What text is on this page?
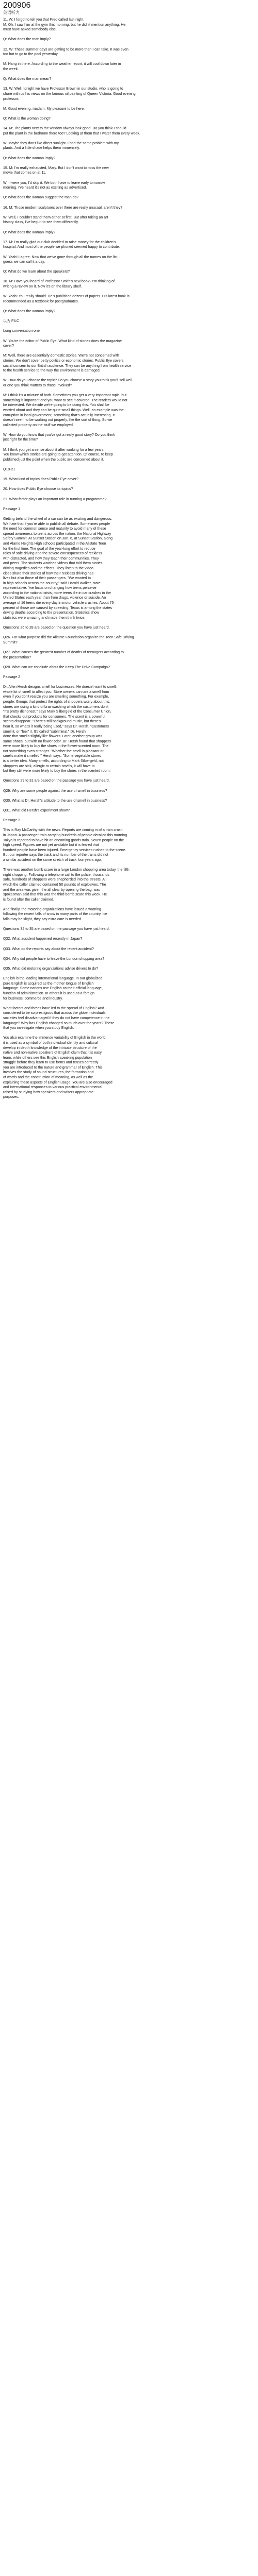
200906
英语听力
11. W: I forgot to tell you that Fred called last night.
M: Oh, I saw him at the gym this morning, but he didn't mention anything. He
must have asked somebody else.
Q: What does the man imply?
12. W: These summer days are getting to be more than I can take. It was even
too hot to go to the pool yesterday.
M: Hang in there. According to the weather report, it will cool down later in
the week.
Q: What does the man mean?
13. W: Well, tonight we have Professor Brown in our studio, who is going to
share with us his views on the famous oil painting of Queen Victoria. Good evening,
professor.
M: Good evening, madam. My pleasure to be here.
Q: What is the woman doing?
14. M: The plants next to the window always look good. Do you think I should
put the plant in the bedroom there too? Looking at them that I water them every week.
W: Maybe they don't like direct sunlight. I had the same problem with my
plants. And a little shade helps them immensely.
Q: What does the woman imply?
15. M: I'm really exhausted, Mary. But I don't want to miss the new
movie that comes on at 11.
W: If were you, I'd skip it. We both have to leave early tomorrow
morning. I've heard it's not as exciting as advertised.
Q: What does the woman suggest the man do?
16. M: Those modern sculptures over there are really unusual, aren't they?
W: Well, I couldn't stand them either at first. But after taking an art
history class, I've begun to see them differently.
Q: What does the woman imply?
17. M: I'm really glad our club decided to raise money for the children's
hospital. And most of the people we phoned seemed happy to contribute.
W: Yeah! I agree. Now that we've gone through all the names on the list, I
guess we can call it a day.
Q: What do we learn about the speakers?
18. M: Have you heard of Professor Smith's new book? I'm thinking of
writing a review on it. Now it's on the library shelf.
W: Yeah! You really should. He's published dozens of papers. His latest book is
recommended as a textbook for postgraduates.
Q: What does the woman imply?
以为 FILC
Long conversation one
W: You're the editor of Public Eye. What kind of stories does the magazine
cover?
M: Well, there are essentially domestic stories. We're not concerned with
stories. We don't cover petty politics or economic stories. Public Eye covers
social concern to our British audience. They can be anything from health service
to the health service to the way the environment is damaged.
W: How do you choose the topic? Do you choose a story you think you'll sell well
or one you think matters to those involved?
M: I think it's a mixture of both. Sometimes you get a very important topic, but
something is important and you want to see it covered. The readers would not
be interested. We decide we're going to be doing this. You shall be
worried about and they can be quite small things. Well, an example was the
corruption in local government, something that's actually interesting. It
doesn't seem to be working out properly, like the sort of thing. So we
collected property on the stuff we employed.
W: How do you know that you've got a really good story? Do you think
just right for the time?
M: I think you get a sense about it after working for a few years.
You know which stories are going to get attention. Of course, to keep
published just the point when the public are concerned about it.
Q19-21
19. What kind of topics does Public Eye cover?
20. How does Public Eye choose its topics?
21. What factor plays an important role in running a programme?
Passage 1
Getting behind the wheel of a car can be as exciting and dangerous.
We hate that if you're able to publish all debate. Sometimes people
the need for common sense and maturity to avoid many of these
spread awareness to teens across the nation, the National Highway
Safety Summit. At Sunset Station on Jan. 6, at Sunset Station, along
and Alamo Heights High schools participated in the Allstate Teen
for the first time. The goal of the year-long effort to reduce
roles of safe driving and the severe consequences of reckless
with distracted, and how they teach their communities. They
and peers. The students watched videos that told them stories
driving tragedies and the effects. They listen to the video
cities share their stories of how their reckless driving has
lives but also those of their passengers. "We wanted to
in high schools across the country," said Harold Walker, state
representative. "we focus on changing how teens perceive
according to the national crisis, more teens die in car crashes in the
United States each year than from drugs, violence or suicide. An
average of 16 teens die every day in motor vehicle crashes. About 75
percent of those are caused by speeding. Texas is among the states
driving deaths according to the presentation. Statistics show
statistics were amazing and made them think twice.
Questions 26 to 28 are based on the question you have just heard.
Q26. For what purpose did the Allstate Foundation organize the Teen Safe Driving
Summit?
Q27. What causes the greatest number of deaths of teenagers according to
the presentation?
Q28. What can we conclude about the Keep The Drive Campaign?
Passage 2
Dr. Allen Hersh designs smell for businesses. He doesn't want to smell.
whole lot of smell to affect you. Store owners can use a smell from
even if you don't realize you are smelling something. For example,
people. Groups that protect the rights of shoppers worry about this.
stores are using a kind of brainwashing which the customers don't
"It's pretty dishonest," says Mark Silbergeld of the Consumer Union,
that checks out products for consumers. The scent is a powerful
scents disappear. "There's still background music, but there's
hear it, so what's it really being used," says Dr. Hersh. "Customers
smell it, or "feel" it. It's called "subliminal." Dr. Hersh
done that smells slightly like flowers. Later, another group was
same shoes, but with no flower odor. Dr. Hersh found that shoppers
were more likely to buy the shoes in the flower-scented room. The
not something even stranger. "Whether the smell is pleasant or
smells make it smelled," Hersh says. "Some vegetable stores
is a better idea. Many smells, according to Mark Silbergeld, not
shoppers are sick, allergic to certain smells, it will have to
but they still were more likely to buy the shoes in the scented room.
Questions 29 to 31 are based on the passage you have just heard.
Q29. Why are some people against the use of smell in business?
Q30. What is Dr. Hersh's attitude to the use of smell in business?
Q31. What did Hersh's experiment show?
Passage 3
This is Ray McCarthy with the news. Reports are coming in of a train crash
in Japan. A passenger train carrying hundreds of people derailed this morning.
Tokyo is reported to have hit an oncoming goods train. Seven people on the
high speed. Figures are not yet available but it is feared that
hundred people have been injured. Emergency services rushed to the scene.
But our reporter says the track and its number of the trains did not
a similar accident on the same stretch of track four years ago.
There was another bomb scare in a large London shopping area today, the fifth
night shopping. Following a telephone call to the police, thousands
safe, hundreds of shoppers were shepherded into the streets. All
which the caller claimed contained 50 pounds of explosives. The
and the area was given the all clear by opening the bag, was
spokesman said that this was the third bomb scare this week. He
is found after the caller claimed.
And finally, the motoring organizations have issued a warning
following the recent falls of snow in many parts of the country. Ice
falls may be slight, they say extra care is needed.
Questions 32 to 35 are based on the passage you have just heard.
Q32. What accident happened recently in Japan?
Q33. What do the reports say about the recent accident?
Q34. Why did people have to leave the London shopping area?
Q35. What did motoring organizations advise drivers to do?
English is the leading international language. In our globalized
pure English is acquired as the mother tongue of English
language. Some nations use English as their official language,
function of administration. In others it is used as a foreign
for business, commerce and industry.
What factors and forces have led to the spread of English? And
considered to be so prestigious that across the globe individuals,
societies feel disadvantaged if they do not have competence in the
language? Why has English changed so much over the years? These
that you investigate when you study English.
You also examine the immense variability of English in the world
it is used as a symbol of both individual identity and cultural
develop in depth knowledge of the intricate structure of the
native and non-native speakers of English claim that it is easy
learn, while others see this English speaking population
struggle before they learn to use forms and tenses correctly
you are introduced to the nature and grammar of English. This
involves the study of sound structures, the formation and
of words and the construction of meaning, as well as the
explaining these aspects of English usage. You are also encouraged
and international responses to various practical environmental
raised by studying how speakers and writers appropriate
purposes.
